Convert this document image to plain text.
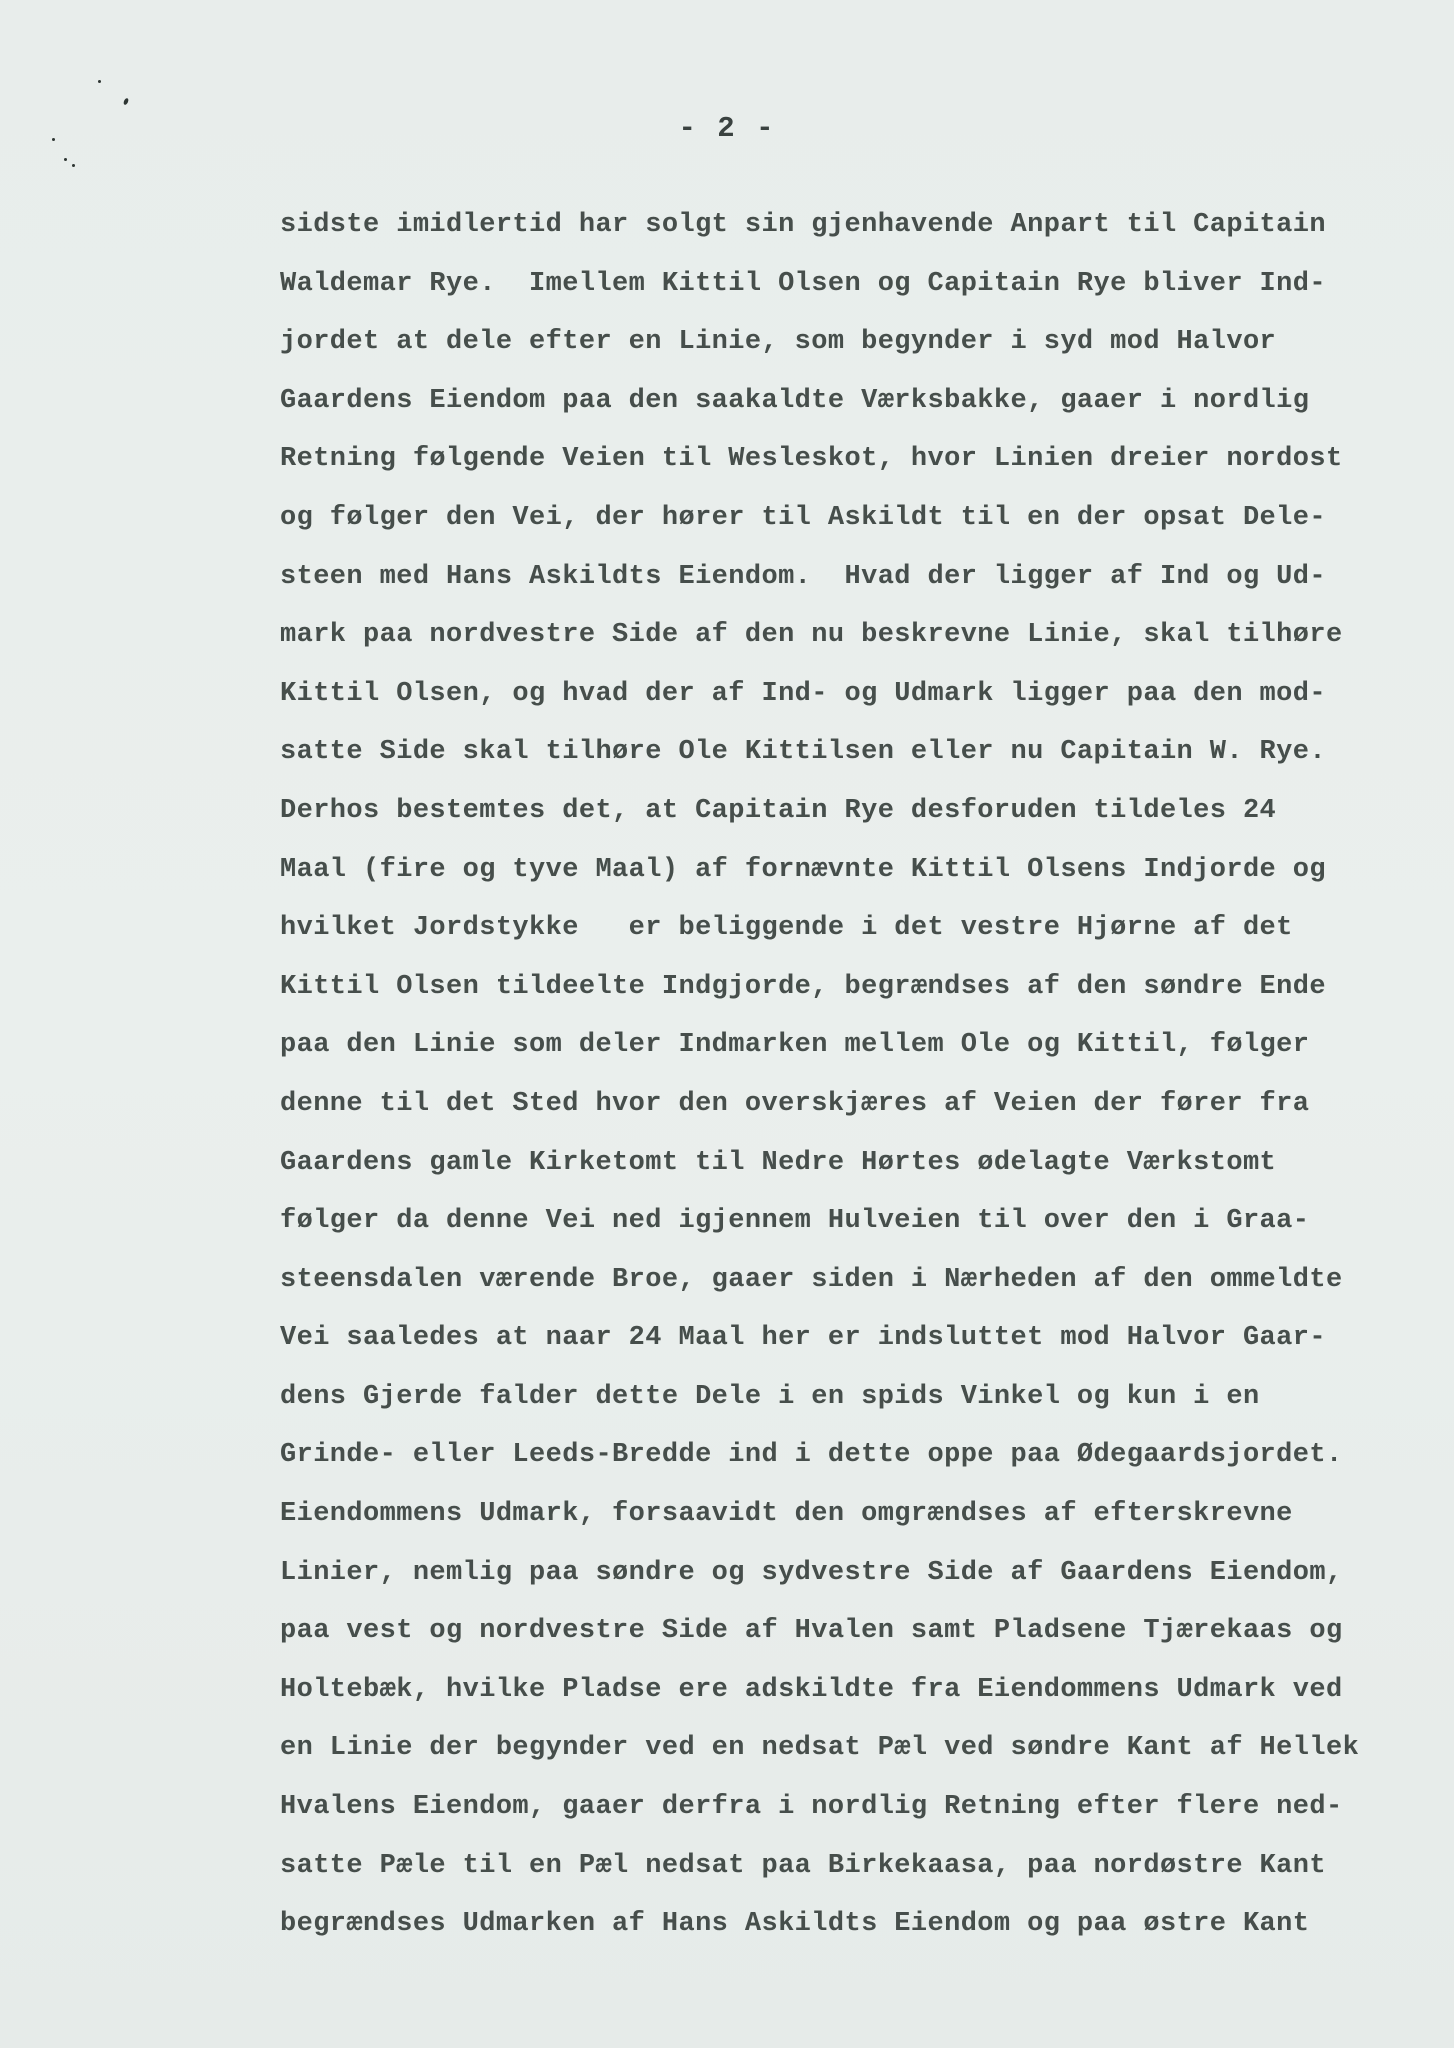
- 2 -
sidste imidlertid har solgt sin gjenhavende Anpart til Capitain
Waldemar Rye.  Imellem Kittil Olsen og Capitain Rye bliver Ind-
jordet at dele efter en Linie, som begynder i syd mod Halvor
Gaardens Eiendom paa den saakaldte Værksbakke, gaaer i nordlig
Retning følgende Veien til Wesleskot, hvor Linien dreier nordost
og følger den Vei, der hører til Askildt til en der opsat Dele-
steen med Hans Askildts Eiendom.  Hvad der ligger af Ind og Ud-
mark paa nordvestre Side af den nu beskrevne Linie, skal tilhøre
Kittil Olsen, og hvad der af Ind- og Udmark ligger paa den mod-
satte Side skal tilhøre Ole Kittilsen eller nu Capitain W. Rye.
Derhos bestemtes det, at Capitain Rye desforuden tildeles 24
Maal (fire og tyve Maal) af fornævnte Kittil Olsens Indjorde og
hvilket Jordstykke   er beliggende i det vestre Hjørne af det
Kittil Olsen tildeelte Indgjorde, begrændses af den søndre Ende
paa den Linie som deler Indmarken mellem Ole og Kittil, følger
denne til det Sted hvor den overskjæres af Veien der fører fra
Gaardens gamle Kirketomt til Nedre Hørtes ødelagte Værkstomt
følger da denne Vei ned igjennem Hulveien til over den i Graa-
steensdalen værende Broe, gaaer siden i Nærheden af den ommeldte
Vei saaledes at naar 24 Maal her er indsluttet mod Halvor Gaar-
dens Gjerde falder dette Dele i en spids Vinkel og kun i en
Grinde- eller Leeds-Bredde ind i dette oppe paa Ødegaardsjordet.
Eiendommens Udmark, forsaavidt den omgrændses af efterskrevne
Linier, nemlig paa søndre og sydvestre Side af Gaardens Eiendom,
paa vest og nordvestre Side af Hvalen samt Pladsene Tjærekaas og
Holtebæk, hvilke Pladse ere adskildte fra Eiendommens Udmark ved
en Linie der begynder ved en nedsat Pæl ved søndre Kant af Hellek
Hvalens Eiendom, gaaer derfra i nordlig Retning efter flere ned-
satte Pæle til en Pæl nedsat paa Birkekaasa, paa nordøstre Kant
begrændses Udmarken af Hans Askildts Eiendom og paa østre Kant
